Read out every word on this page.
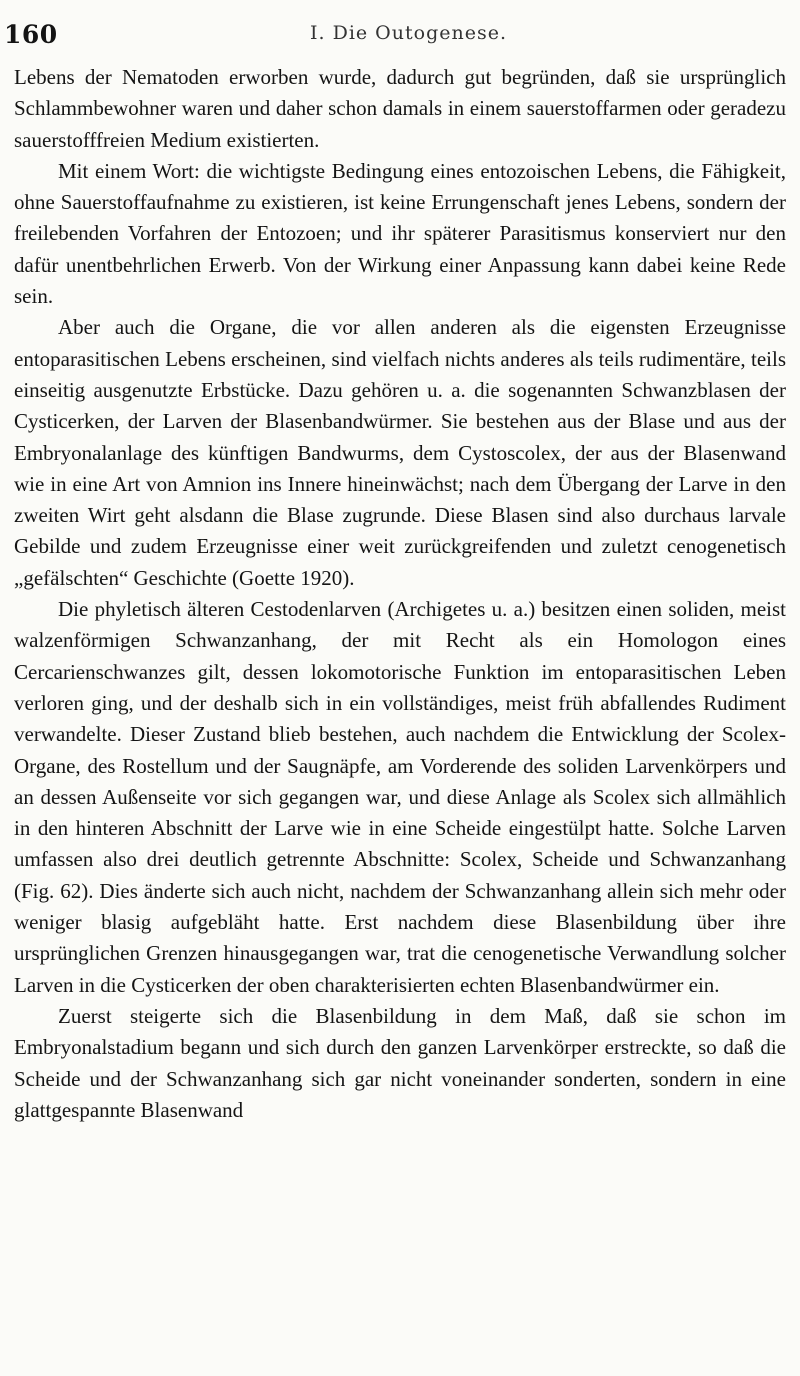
160	I. Die Outogenese.

Lebens der Nematoden erworben wurde, dadurch gut begründen, daß sie ursprünglich Schlammbewohner waren und daher schon damals in einem sauerstoffarmen oder geradezu sauerstofffreien Medium existierten.

Mit einem Wort: die wichtigste Bedingung eines entozoischen Lebens, die Fähigkeit, ohne Sauerstoffaufnahme zu existieren, ist keine Errungenschaft jenes Lebens, sondern der freilebenden Vorfahren der Entozoen; und ihr späterer Parasitismus konserviert nur den dafür unentbehrlichen Erwerb. Von der Wirkung einer Anpassung kann dabei keine Rede sein.

Aber auch die Organe, die vor allen anderen als die eigensten Erzeugnisse entoparasitischen Lebens erscheinen, sind vielfach nichts anderes als teils rudimentäre, teils einseitig ausgenutzte Erbstücke. Dazu gehören u. a. die sogenannten Schwanzblasen der Cysticerken, der Larven der Blasenbandwürmer. Sie bestehen aus der Blase und aus der Embryonalanlage des künftigen Bandwurms, dem Cystoscolex, der aus der Blasenwand wie in eine Art von Amnion ins Innere hineinwächst; nach dem Übergang der Larve in den zweiten Wirt geht alsdann die Blase zugrunde. Diese Blasen sind also durchaus larvale Gebilde und zudem Erzeugnisse einer weit zurückgreifenden und zuletzt cenogenetisch „gefälschten“ Geschichte (Goette 1920).

Die phyletisch älteren Cestodenlarven (Archigetes u. a.) besitzen einen soliden, meist walzenförmigen Schwanzanhang, der mit Recht als ein Homologon eines Cercarienschwanzes gilt, dessen lokomotorische Funktion im entoparasitischen Leben verloren ging, und der deshalb sich in ein vollständiges, meist früh abfallendes Rudiment verwandelte. Dieser Zustand blieb bestehen, auch nachdem die Entwicklung der Scolex-Organe, des Rostellum und der Saugnäpfe, am Vorderende des soliden Larvenkörpers und an dessen Außenseite vor sich gegangen war, und diese Anlage als Scolex sich allmählich in den hinteren Abschnitt der Larve wie in eine Scheide eingestülpt hatte. Solche Larven umfassen also drei deutlich getrennte Abschnitte: Scolex, Scheide und Schwanzanhang (Fig. 62). Dies änderte sich auch nicht, nachdem der Schwanzanhang allein sich mehr oder weniger blasig aufgebläht hatte. Erst nachdem diese Blasenbildung über ihre ursprünglichen Grenzen hinausgegangen war, trat die cenogenetische Verwandlung solcher Larven in die Cysticerken der oben charakterisierten echten Blasenbandwürmer ein.

Zuerst steigerte sich die Blasenbildung in dem Maß, daß sie schon im Embryonalstadium begann und sich durch den ganzen Larvenkörper erstreckte, so daß die Scheide und der Schwanzanhang sich gar nicht voneinander sonderten, sondern in eine glattgespannte Blasenwand
